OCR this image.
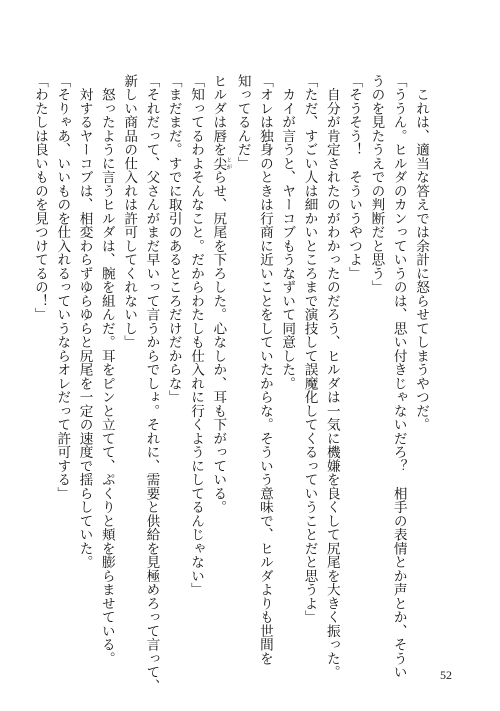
　これは、適当な答えでは余計に怒らせてしまうやつだ。
「ううん。ヒルダのカンっていうのは、思い付きじゃないだろ？　相手の表情とか声とか、そうい
うのを見たうえでの判断だと思う」
「そうそう！　そういうやつよ」
　自分が肯定されたのがわかったのだろう、ヒルダは一気に機嫌を良くして尻尾を大きく振った。
「ただ、すごい人は細かいところまで演技して誤魔化してくるっていうことだと思うよ」
　カイが言うと、ヤーコブもうなずいて同意した。
「オレは独身のときは行商に近いことをしていたからな。そういう意味で、ヒルダよりも世間を
知ってるんだ」
ヒルダは唇を尖 とがらせ、尻尾を下ろした。心なしか、耳も下がっている。
「知ってるわよそんなこと。だからわたしも仕入れに行くようにしてるんじゃない」
「まだまだ。すでに取引のあるところだけだからな」
「それだって、父さんがまだ早いって言うからでしょ。それに、需要と供給を見極めろって言って、
新しい商品の仕入れは許可してくれないし」
　怒ったように言うヒルダは、腕を組んだ。耳をピンと立てて、ぷくりと頬を膨らませている。
　対するヤーコブは、相変わらずゆらゆらと尻尾を一定の速度で揺らしていた。
「そりゃあ、いいものを仕入れるっていうならオレだって許可する」
「わたしは良いものを見つけてるの！」
52
